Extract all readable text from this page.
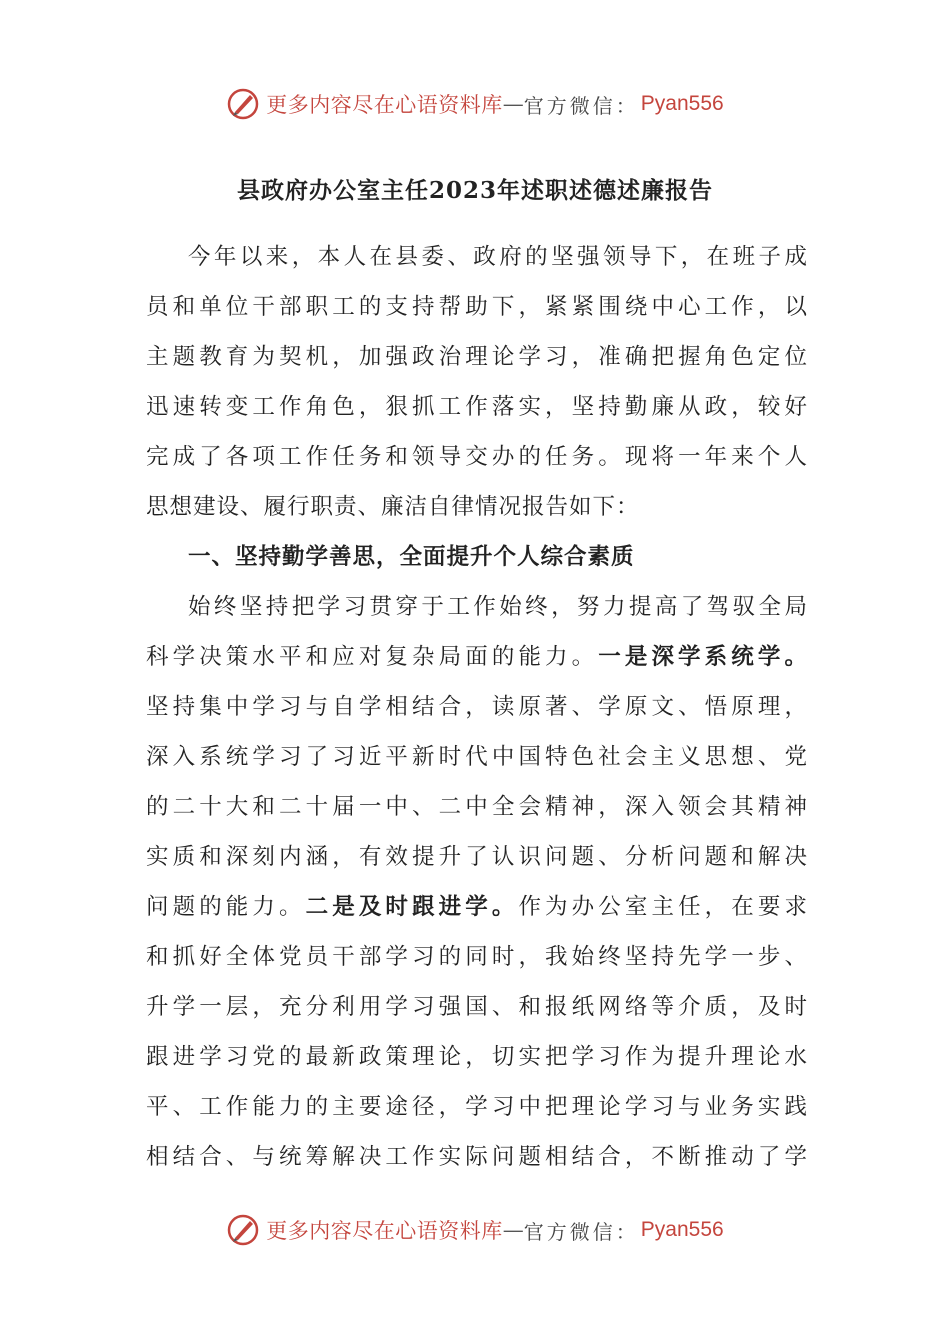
更多内容尽在心语资料库 — 官方微信： Pyan556
县政府办公室主任2023年述职述德述廉报告
今年以来，本人在县委、政府的坚强领导下，在班子成
员和单位干部职工的支持帮助下，紧紧围绕中心工作，以
主题教育为契机，加强政治理论学习，准确把握角色定位
迅速转变工作角色，狠抓工作落实，坚持勤廉从政，较好
完成了各项工作任务和领导交办的任务。现将一年来个人
思想建设、履行职责、廉洁自律情况报告如下：
一、坚持勤学善思，全面提升个人综合素质
始终坚持把学习贯穿于工作始终，努力提高了驾驭全局
科学决策水平和应对复杂局面的能力。一是深学系统学。
坚持集中学习与自学相结合，读原著、学原文、悟原理，
深入系统学习了习近平新时代中国特色社会主义思想、党
的二十大和二十届一中、二中全会精神，深入领会其精神
实质和深刻内涵，有效提升了认识问题、分析问题和解决
问题的能力。二是及时跟进学。作为办公室主任，在要求
和抓好全体党员干部学习的同时，我始终坚持先学一步、
升学一层，充分利用学习强国、和报纸网络等介质，及时
跟进学习党的最新政策理论，切实把学习作为提升理论水
平、工作能力的主要途径，学习中把理论学习与业务实践
相结合、与统筹解决工作实际问题相结合，不断推动了学
更多内容尽在心语资料库 — 官方微信： Pyan556
